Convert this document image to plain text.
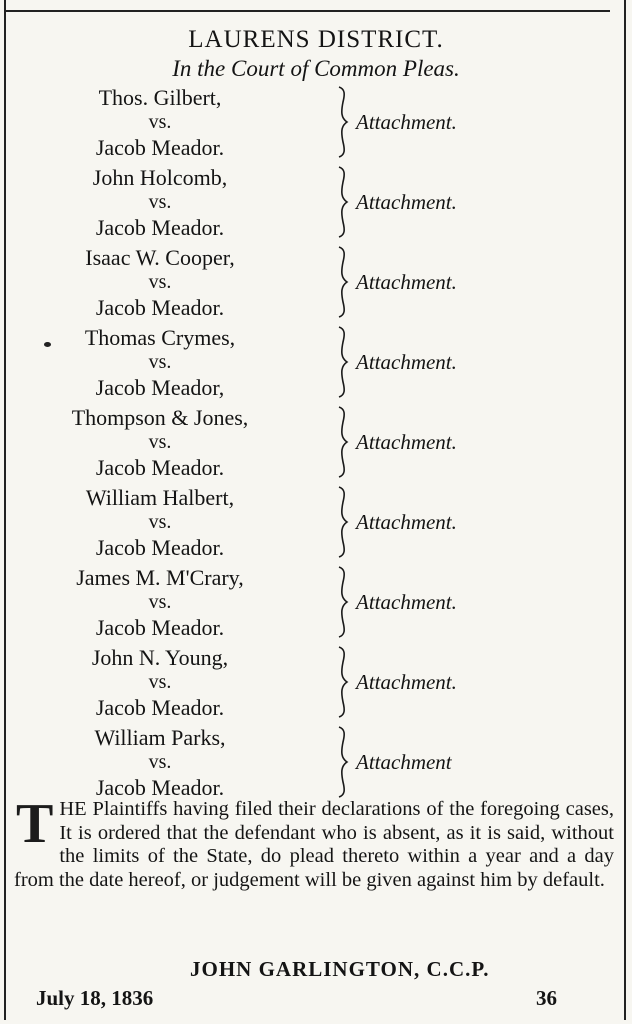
LAURENS DISTRICT.
In the Court of Common Pleas.
Thos. Gilbert,
vs.
Jacob Meador.
Attachment.
John Holcomb,
vs.
Jacob Meador.
Attachment.
Isaac W. Cooper,
vs.
Jacob Meador.
Attachment.
Thomas Crymes,
vs.
Jacob Meador,
Attachment.
Thompson & Jones,
vs.
Jacob Meador.
Attachment.
William Halbert,
vs.
Jacob Meador.
Attachment.
James M. M'Crary,
vs.
Jacob Meador.
Attachment.
John N. Young,
vs.
Jacob Meador.
Attachment.
William Parks,
vs.
Jacob Meador.
Attachment
THE Plaintiffs having filed their declarations of the foregoing cases, It is ordered that the defendant who is absent, as it is said, without the limits of the State, do plead thereto within a year and a day from the date hereof, or judgement will be given against him by default.
JOHN GARLINGTON, C.C.P.
July 18, 1836	36
